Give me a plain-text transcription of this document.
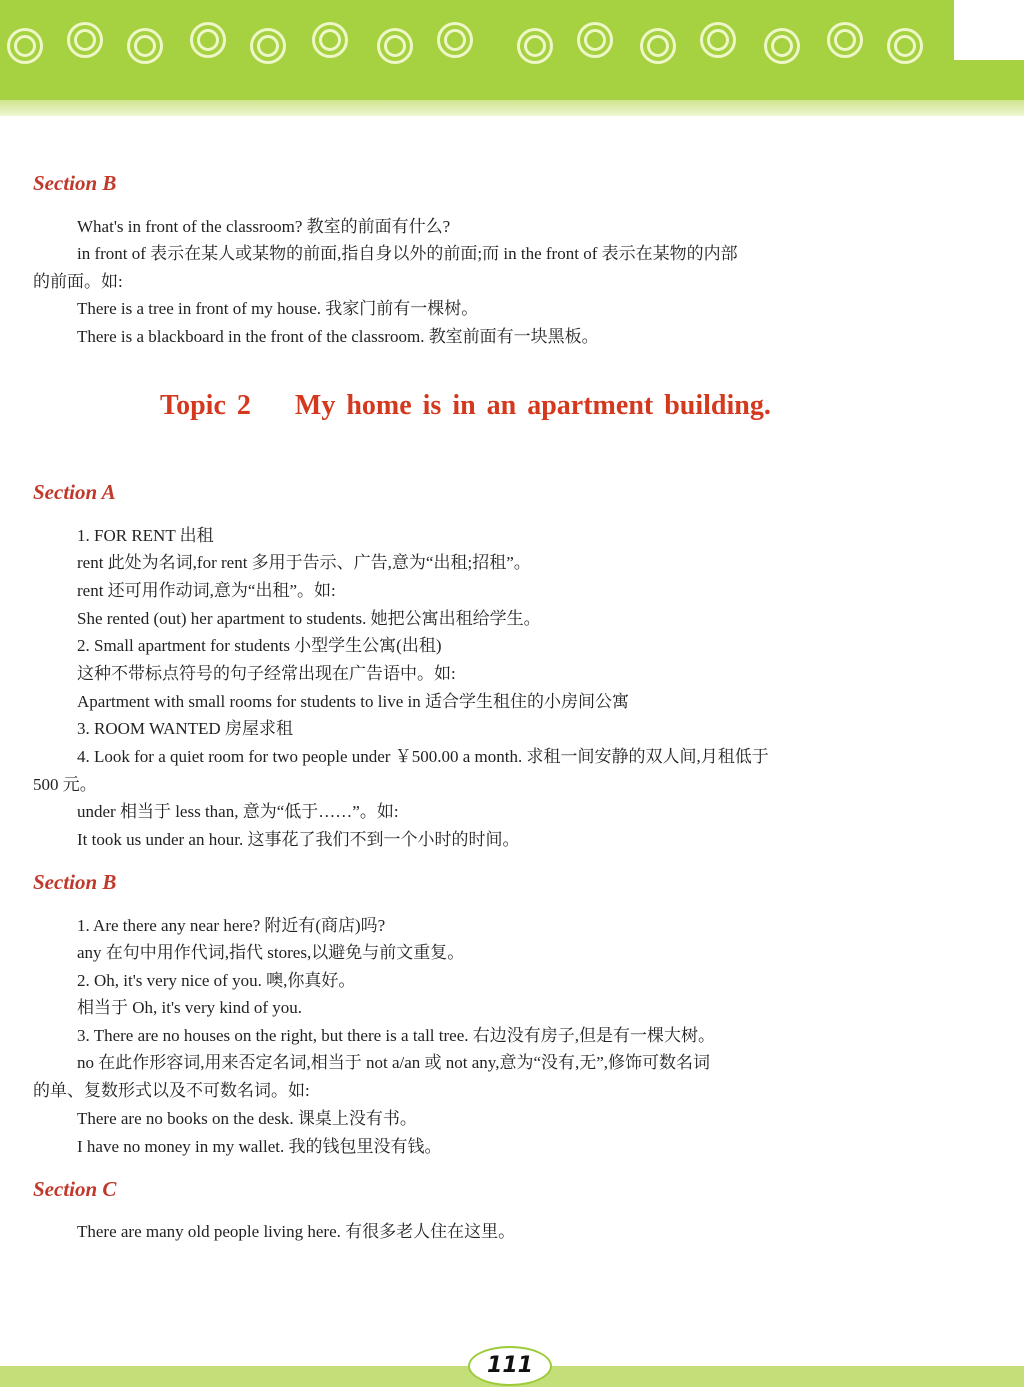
Topic 2    My home is in an apartment building.
Section B
What's in front of the classroom? 教室的前面有什么?
in front of 表示在某人或某物的前面,指自身以外的前面;而 in the front of 表示在某物的内部
的前面。如:
There is a tree in front of my house. 我家门前有一棵树。
There is a blackboard in the front of the classroom. 教室前面有一块黑板。
Section A
1. FOR RENT 出租
rent 此处为名词,for rent 多用于告示、广告,意为“出租;招租”。
rent 还可用作动词,意为“出租”。如:
She rented (out) her apartment to students. 她把公寓出租给学生。
2. Small apartment for students 小型学生公寓(出租)
这种不带标点符号的句子经常出现在广告语中。如:
Apartment with small rooms for students to live in 适合学生租住的小房间公寓
3. ROOM WANTED 房屋求租
4. Look for a quiet room for two people under ￥500.00 a month. 求租一间安静的双人间,月租低于
500 元。
under 相当于 less than, 意为“低于……”。如:
It took us under an hour. 这事花了我们不到一个小时的时间。
Section B
1. Are there any near here? 附近有(商店)吗?
any 在句中用作代词,指代 stores,以避免与前文重复。
2. Oh, it's very nice of you. 噢,你真好。
相当于 Oh, it's very kind of you.
3. There are no houses on the right, but there is a tall tree. 右边没有房子,但是有一棵大树。
no 在此作形容词,用来否定名词,相当于 not a/an 或 not any,意为“没有,无”,修饰可数名词
的单、复数形式以及不可数名词。如:
There are no books on the desk. 课桌上没有书。
I have no money in my wallet. 我的钱包里没有钱。
Section C
There are many old people living here. 有很多老人住在这里。
111
